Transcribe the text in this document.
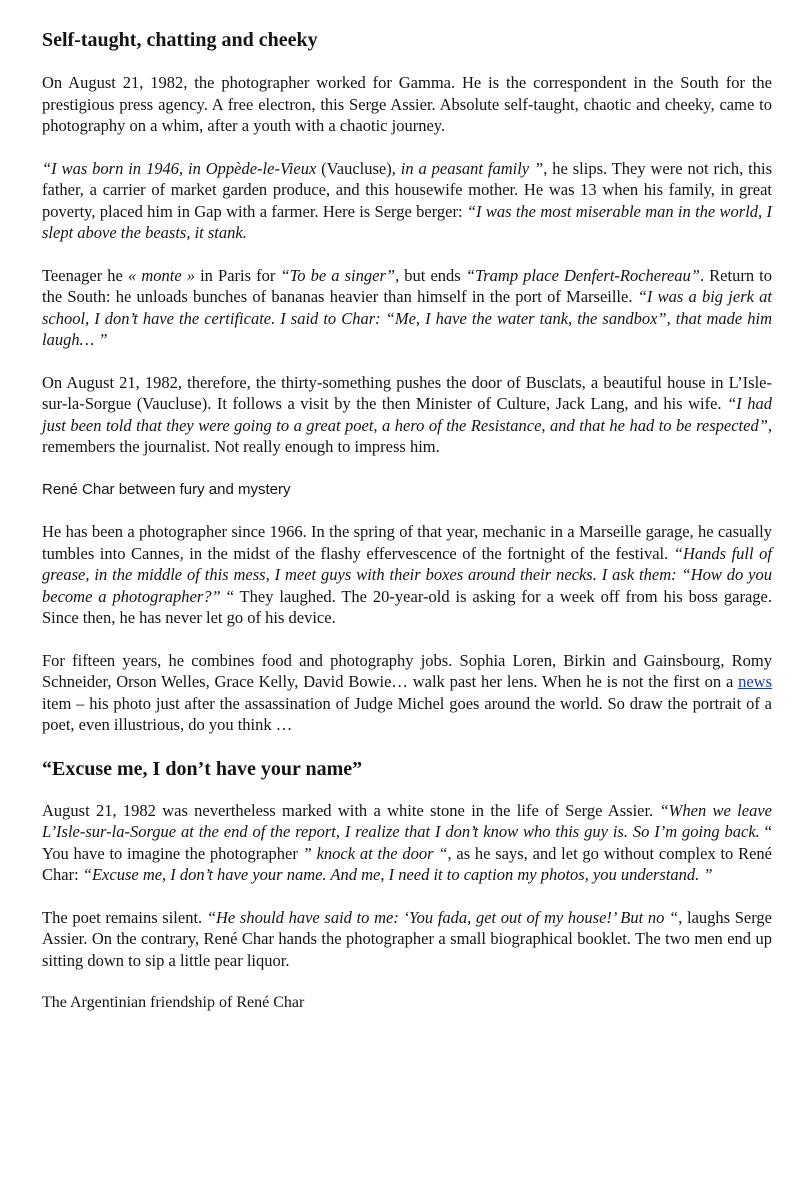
Self-taught, chatting and cheeky

On August 21, 1982, the photographer worked for Gamma. He is the correspondent in the South for the prestigious press agency. A free electron, this Serge Assier. Absolute self-taught, chaotic and cheeky, came to photography on a whim, after a youth with a chaotic journey.

“I was born in 1946, in Oppède-le-Vieux (Vaucluse), in a peasant family ”, he slips. They were not rich, this father, a carrier of market garden produce, and this housewife mother. He was 13 when his family, in great poverty, placed him in Gap with a farmer. Here is Serge berger: “I was the most miserable man in the world, I slept above the beasts, it stank.

Teenager he « monte » in Paris for “To be a singer”, but ends “Tramp place Denfert-Rochereau”. Return to the South: he unloads bunches of bananas heavier than himself in the port of Marseille. “I was a big jerk at school, I don’t have the certificate. I said to Char: “Me, I have the water tank, the sandbox”, that made him laugh… ”

On August 21, 1982, therefore, the thirty-something pushes the door of Busclats, a beautiful house in L’Isle-sur-la-Sorgue (Vaucluse). It follows a visit by the then Minister of Culture, Jack Lang, and his wife. “I had just been told that they were going to a great poet, a hero of the Resistance, and that he had to be respected”, remembers the journalist. Not really enough to impress him.

René Char between fury and mystery

He has been a photographer since 1966. In the spring of that year, mechanic in a Marseille garage, he casually tumbles into Cannes, in the midst of the flashy effervescence of the fortnight of the festival. “Hands full of grease, in the middle of this mess, I meet guys with their boxes around their necks. I ask them: “How do you become a photographer?” “ They laughed. The 20-year-old is asking for a week off from his boss garage. Since then, he has never let go of his device.

For fifteen years, he combines food and photography jobs. Sophia Loren, Birkin and Gainsbourg, Romy Schneider, Orson Welles, Grace Kelly, David Bowie… walk past her lens. When he is not the first on a news item – his photo just after the assassination of Judge Michel goes around the world. So draw the portrait of a poet, even illustrious, do you think …

“Excuse me, I don’t have your name”

August 21, 1982 was nevertheless marked with a white stone in the life of Serge Assier. “When we leave L’Isle-sur-la-Sorgue at the end of the report, I realize that I don’t know who this guy is. So I’m going back. “ You have to imagine the photographer ” knock at the door “, as he says, and let go without complex to René Char: “Excuse me, I don’t have your name. And me, I need it to caption my photos, you understand. ”

The poet remains silent. “He should have said to me: ‘You fada, get out of my house!’ But no “, laughs Serge Assier. On the contrary, René Char hands the photographer a small biographical booklet. The two men end up sitting down to sip a little pear liquor.

The Argentinian friendship of René Char
